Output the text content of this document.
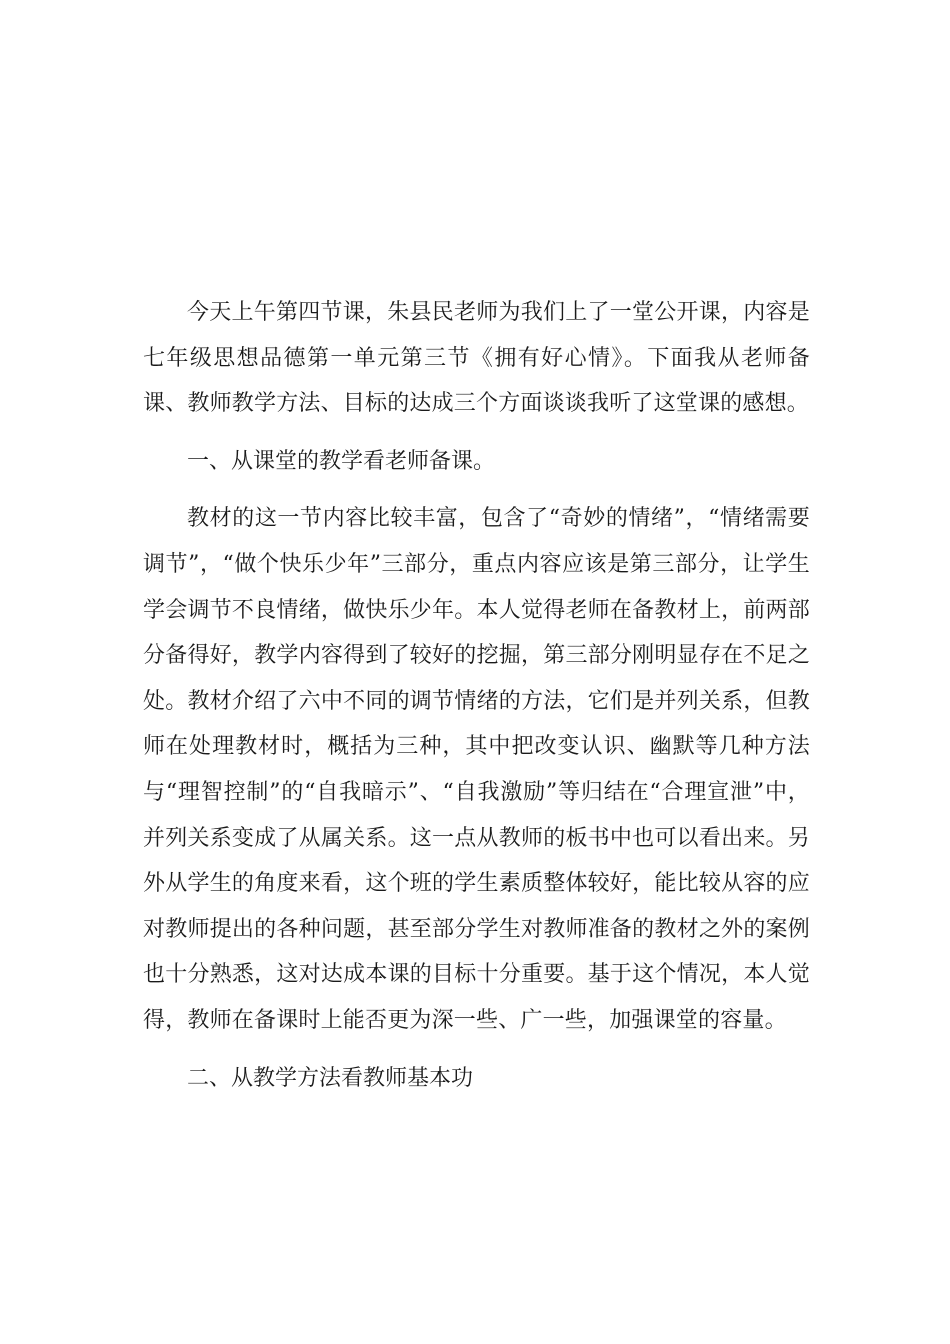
今天上午第四节课，朱县民老师为我们上了一堂公开课，内容是七年级思想品德第一单元第三节《拥有好心情》。下面我从老师备课、教师教学方法、目标的达成三个方面谈谈我听了这堂课的感想。

一、从课堂的教学看老师备课。

教材的这一节内容比较丰富，包含了“奇妙的情绪”，“情绪需要调节”，“做个快乐少年”三部分，重点内容应该是第三部分，让学生学会调节不良情绪，做快乐少年。本人觉得老师在备教材上，前两部分备得好，教学内容得到了较好的挖掘，第三部分刚明显存在不足之处。教材介绍了六中不同的调节情绪的方法，它们是并列关系，但教师在处理教材时，概括为三种，其中把改变认识、幽默等几种方法与“理智控制”的“自我暗示”、“自我激励”等归结在“合理宣泄”中，并列关系变成了从属关系。这一点从教师的板书中也可以看出来。另外从学生的角度来看，这个班的学生素质整体较好，能比较从容的应对教师提出的各种问题，甚至部分学生对教师准备的教材之外的案例也十分熟悉，这对达成本课的目标十分重要。基于这个情况，本人觉得，教师在备课时上能否更为深一些、广一些，加强课堂的容量。

二、从教学方法看教师基本功
